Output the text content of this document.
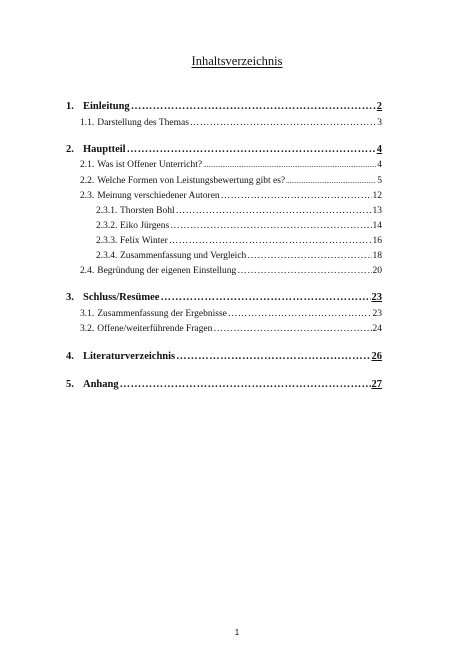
Inhaltsverzeichnis
1. Einleitung ……………………………………………………………………………………………………………………………………………………	2
1.1. Darstellung des Themas ……………………………………………………………………………………………………………………………………………………	3
2. Hauptteil ……………………………………………………………………………………………………………………………………………………	4
2.1. Was ist Offener Unterricht? .....	4
2.2. Welche Formen von Leistungsbewertung gibt es? .....	5
2.3. Meinung verschiedener Autoren ……………………………………………………………………………………………………………………………………………………	12
2.3.1. Thorsten Bohl ……………………………………………………………………………………………………………………………………………………	13
2.3.2. Eiko Jürgens ……………………………………………………………………………………………………………………………………………………	14
2.3.3. Felix Winter ……………………………………………………………………………………………………………………………………………………	16
2.3.4. Zusammenfassung und Vergleich ……………………………………………………………………………………………………………………………………………………	18
2.4. Begründung der eigenen Einstellung ……………………………………………………………………………………………………………………………………………………	20
3. Schluss/Resümee ……………………………………………………………………………………………………………………………………………………	23
3.1. Zusammenfassung der Ergebnisse ……………………………………………………………………………………………………………………………………………………	23
3.2. Offene/weiterführende Fragen ……………………………………………………………………………………………………………………………………………………	24
4. Literaturverzeichnis ……………………………………………………………………………………………………………………………………………………	26
5. Anhang ……………………………………………………………………………………………………………………………………………………	27
1
